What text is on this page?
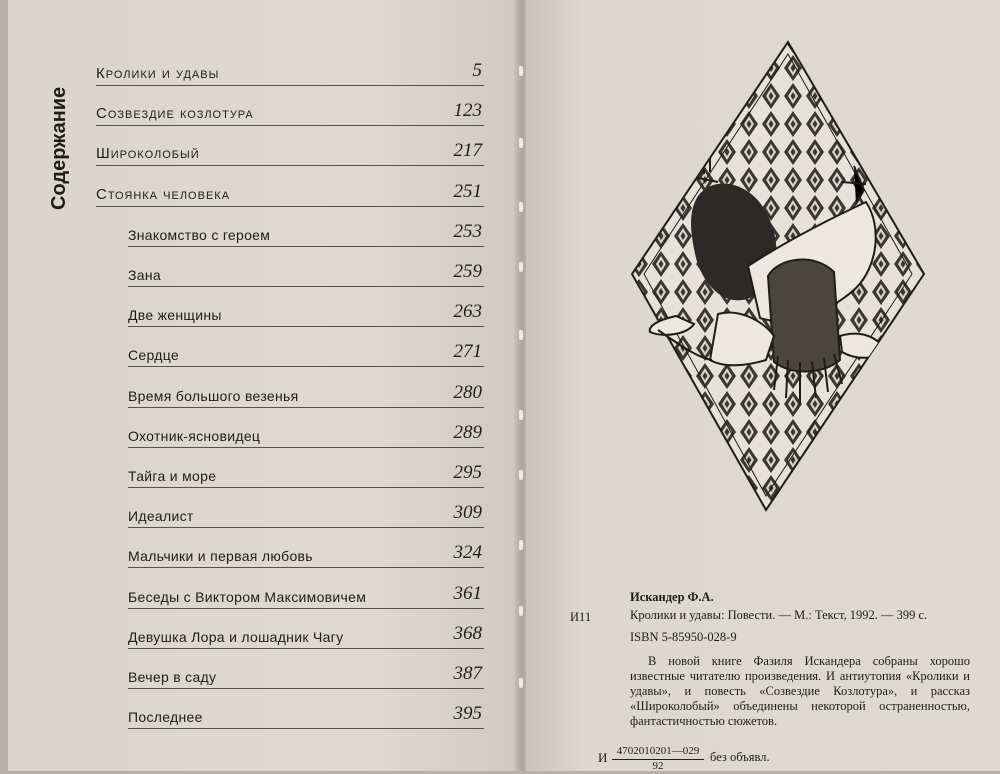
Содержание
Кролики и удавы	5
Созвездие козлотура	123
Широколобый	217
Стоянка человека	251
Знакомство с героем	253
Зана	259
Две женщины	263
Сердце	271
Время большого везенья	280
Охотник-ясновидец	289
Тайга и море	295
Идеалист	309
Мальчики и первая любовь	324
Беседы с Виктором Максимовичем	361
Девушка Лора и лошадник Чагу	368
Вечер в саду	387
Последнее	395
И11
Искандер Ф.А.
Кролики и удавы: Повести. — М.: Текст, 1992. — 399 с.
ISBN 5-85950-028-9
В новой книге Фазиля Искандера собраны хорошо известные читателю произведения. И антиутопия «Кролики и удавы», и повесть «Созвездие Козлотура», и рассказ «Широколобый» объединены некоторой остраненностью, фантастичностью сюжетов.
И 4702010201—029
92
без объявл.
